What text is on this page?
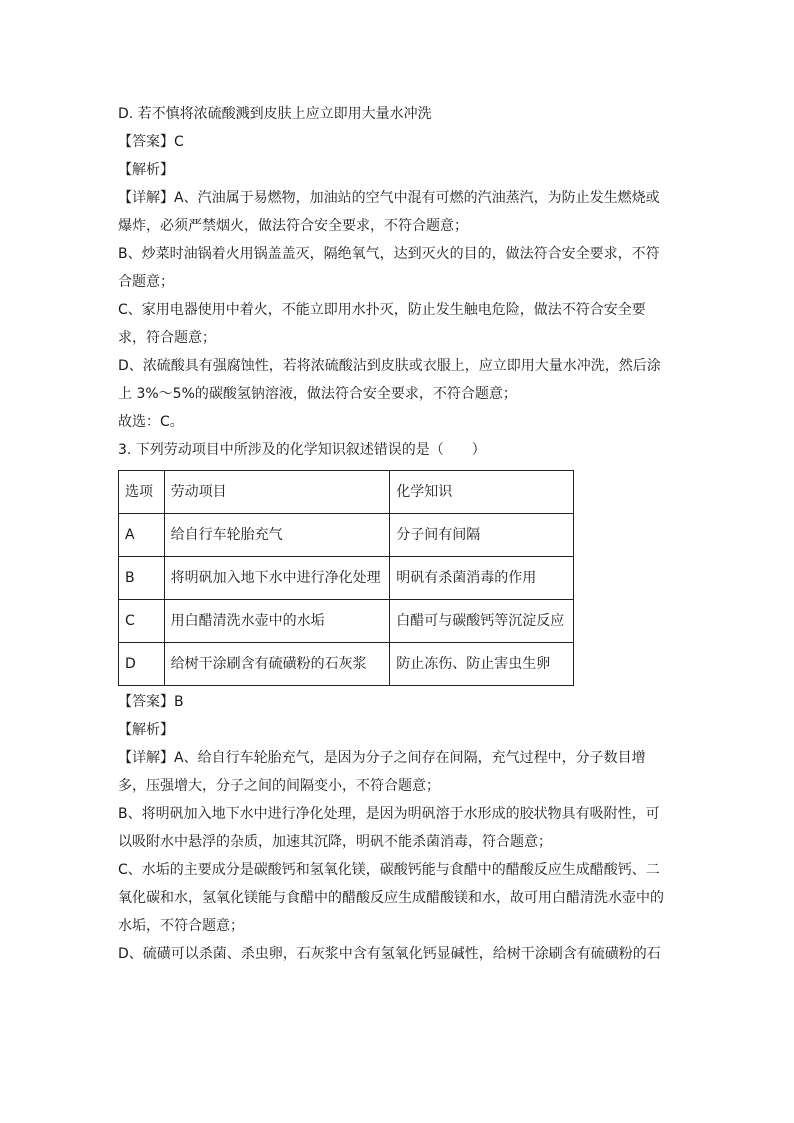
D. 若不慎将浓硫酸溅到皮肤上应立即用大量水冲洗

【答案】C

【解析】

【详解】A、汽油属于易燃物，加油站的空气中混有可燃的汽油蒸汽，为防止发生燃烧或

爆炸，必须严禁烟火，做法符合安全要求，不符合题意；

B、炒菜时油锅着火用锅盖盖灭，隔绝氧气，达到灭火的目的，做法符合安全要求，不符

合题意；

C、家用电器使用中着火，不能立即用水扑灭，防止发生触电危险，做法不符合安全要

求，符合题意；

D、浓硫酸具有强腐蚀性，若将浓硫酸沾到皮肤或衣服上，应立即用大量水冲洗，然后涂

上 3%～5%的碳酸氢钠溶液，做法符合安全要求，不符合题意；

故选：C。

3. 下列劳动项目中所涉及的化学知识叙述错误的是（　　）

选项	劳动项目	化学知识
A	给自行车轮胎充气	分子间有间隔
B	将明矾加入地下水中进行净化处理	明矾有杀菌消毒的作用
C	用白醋清洗水壶中的水垢	白醋可与碳酸钙等沉淀反应
D	给树干涂刷含有硫磺粉的石灰浆	防止冻伤、防止害虫生卵

【答案】B

【解析】

【详解】A、给自行车轮胎充气，是因为分子之间存在间隔，充气过程中，分子数目增

多，压强增大，分子之间的间隔变小，不符合题意；

B、将明矾加入地下水中进行净化处理，是因为明矾溶于水形成的胶状物具有吸附性，可

以吸附水中悬浮的杂质，加速其沉降，明矾不能杀菌消毒，符合题意；

C、水垢的主要成分是碳酸钙和氢氧化镁，碳酸钙能与食醋中的醋酸反应生成醋酸钙、二

氧化碳和水，氢氧化镁能与食醋中的醋酸反应生成醋酸镁和水，故可用白醋清洗水壶中的

水垢，不符合题意；

D、硫磺可以杀菌、杀虫卵，石灰浆中含有氢氧化钙显碱性，给树干涂刷含有硫磺粉的石
